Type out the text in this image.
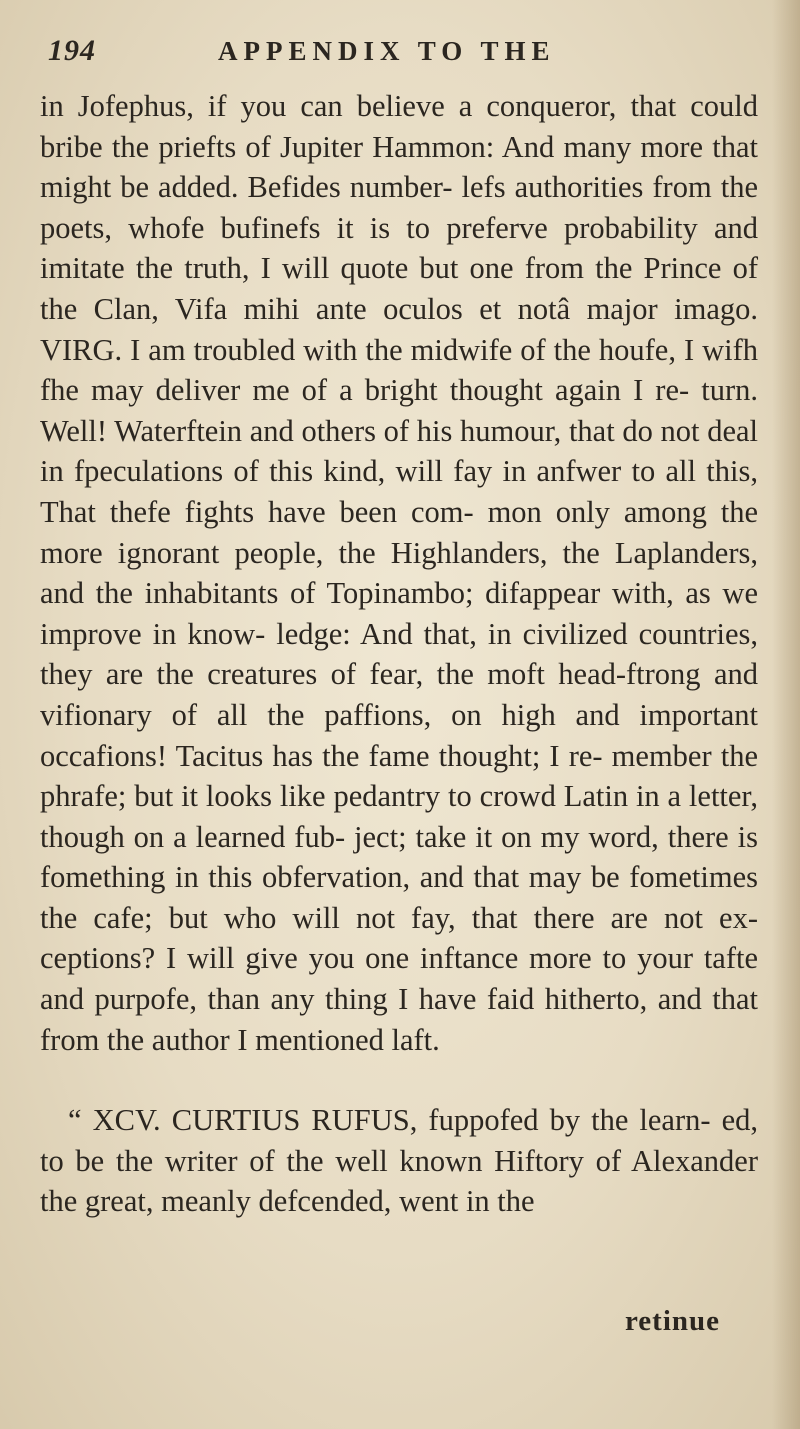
194	APPENDIX TO THE

in Jofephus, if you can believe a conqueror, that could bribe the priefts of Jupiter Hammon: And many more that might be added. Befides number- lefs authorities from the poets, whofe bufinefs it is to preferve probability and imitate the truth, I will quote but one from the Prince of the Clan, Vifa mihi ante oculos et notâ major imago. VIRG. I am troubled with the midwife of the houfe, I wifh fhe may deliver me of a bright thought again I re- turn. Well! Waterftein and others of his humour, that do not deal in fpeculations of this kind, will fay in anfwer to all this, That thefe fights have been com- mon only among the more ignorant people, the Highlanders, the Laplanders, and the inhabitants of Topinambo; difappear with, as we improve in know- ledge: And that, in civilized countries, they are the creatures of fear, the moft head-ftrong and vifionary of all the paffions, on high and important occafions! Tacitus has the fame thought; I re- member the phrafe; but it looks like pedantry to crowd Latin in a letter, though on a learned fub- ject; take it on my word, there is fomething in this obfervation, and that may be fometimes the cafe; but who will not fay, that there are not ex- ceptions? I will give you one inftance more to your tafte and purpofe, than any thing I have faid hitherto, and that from the author I mentioned laft.

“ XCV. CURTIUS RUFUS, fuppofed by the learn- ed, to be the writer of the well known Hiftory of Alexander the great, meanly defcended, went in the

retinue
